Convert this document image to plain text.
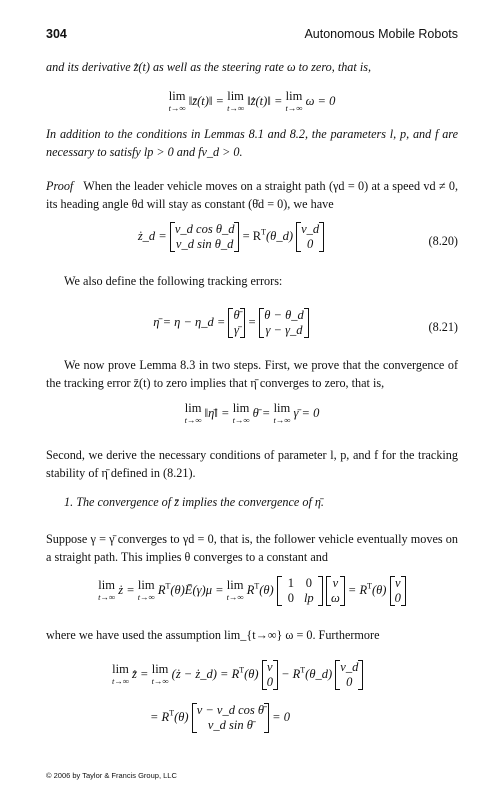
304	Autonomous Mobile Robots
and its derivative z̄̇(t) as well as the steering rate ω to zero, that is,
lim
t→∞
‖z̄(t)‖ = lim
t→∞
‖z̄̇(t)‖ = lim
t→∞
ω = 0
In addition to the conditions in Lemmas 8.1 and 8.2, the parameters l, p, and f are necessary to satisfy lp > 0 and fv_d > 0.
Proof When the leader vehicle moves on a straight path (γd = 0) at a speed vd ≠ 0, its heading angle θd will stay as constant (θ̇d = 0), we have
ż_d = v_d cos θ_d
v_d sin θ_d
= $R^T(\theta\_d)$ v_d
0	(8.20)
We also define the following tracking errors:
η̄ = η − η_d = θ̄
γ̄
= θ − θ_d
γ − γ_d	(8.21)
We now prove Lemma 8.3 in two steps. First, we prove that the convergence of the tracking error z̄(t) to zero implies that η̄ converges to zero, that is,
lim
t→∞
‖η̄‖ = lim
t→∞
θ̄ = lim
t→∞
γ̄ = 0
Second, we derive the necessary conditions of parameter l, p, and f for the tracking stability of η̄ defined in (8.21).
1. The convergence of z̄ implies the convergence of η̄.
Suppose γ = γ̄ converges to γd = 0, that is, the follower vehicle eventually moves on a straight path. This implies θ converges to a constant and
lim
t→∞
ż = lim
t→∞
$R^T(\theta)Ē(\gamma)\mu = \lim$
t→∞
$R^T(\theta)$	1 0
0 lp

v
ω
= $R^T(\theta)$ v
0
where we have used the assumption lim_{t→∞} ω = 0. Furthermore
lim
t→∞
z̄̇ = lim
t→∞
(ż − ż_d) = $R^T(\theta)$ v
0
− $R^T(\theta\_d)$ v_d
0
= $R^T(\theta) v$ − v_d cos θ̄
v_d sin θ̄
= 0
© 2006 by Taylor & Francis Group, LLC
